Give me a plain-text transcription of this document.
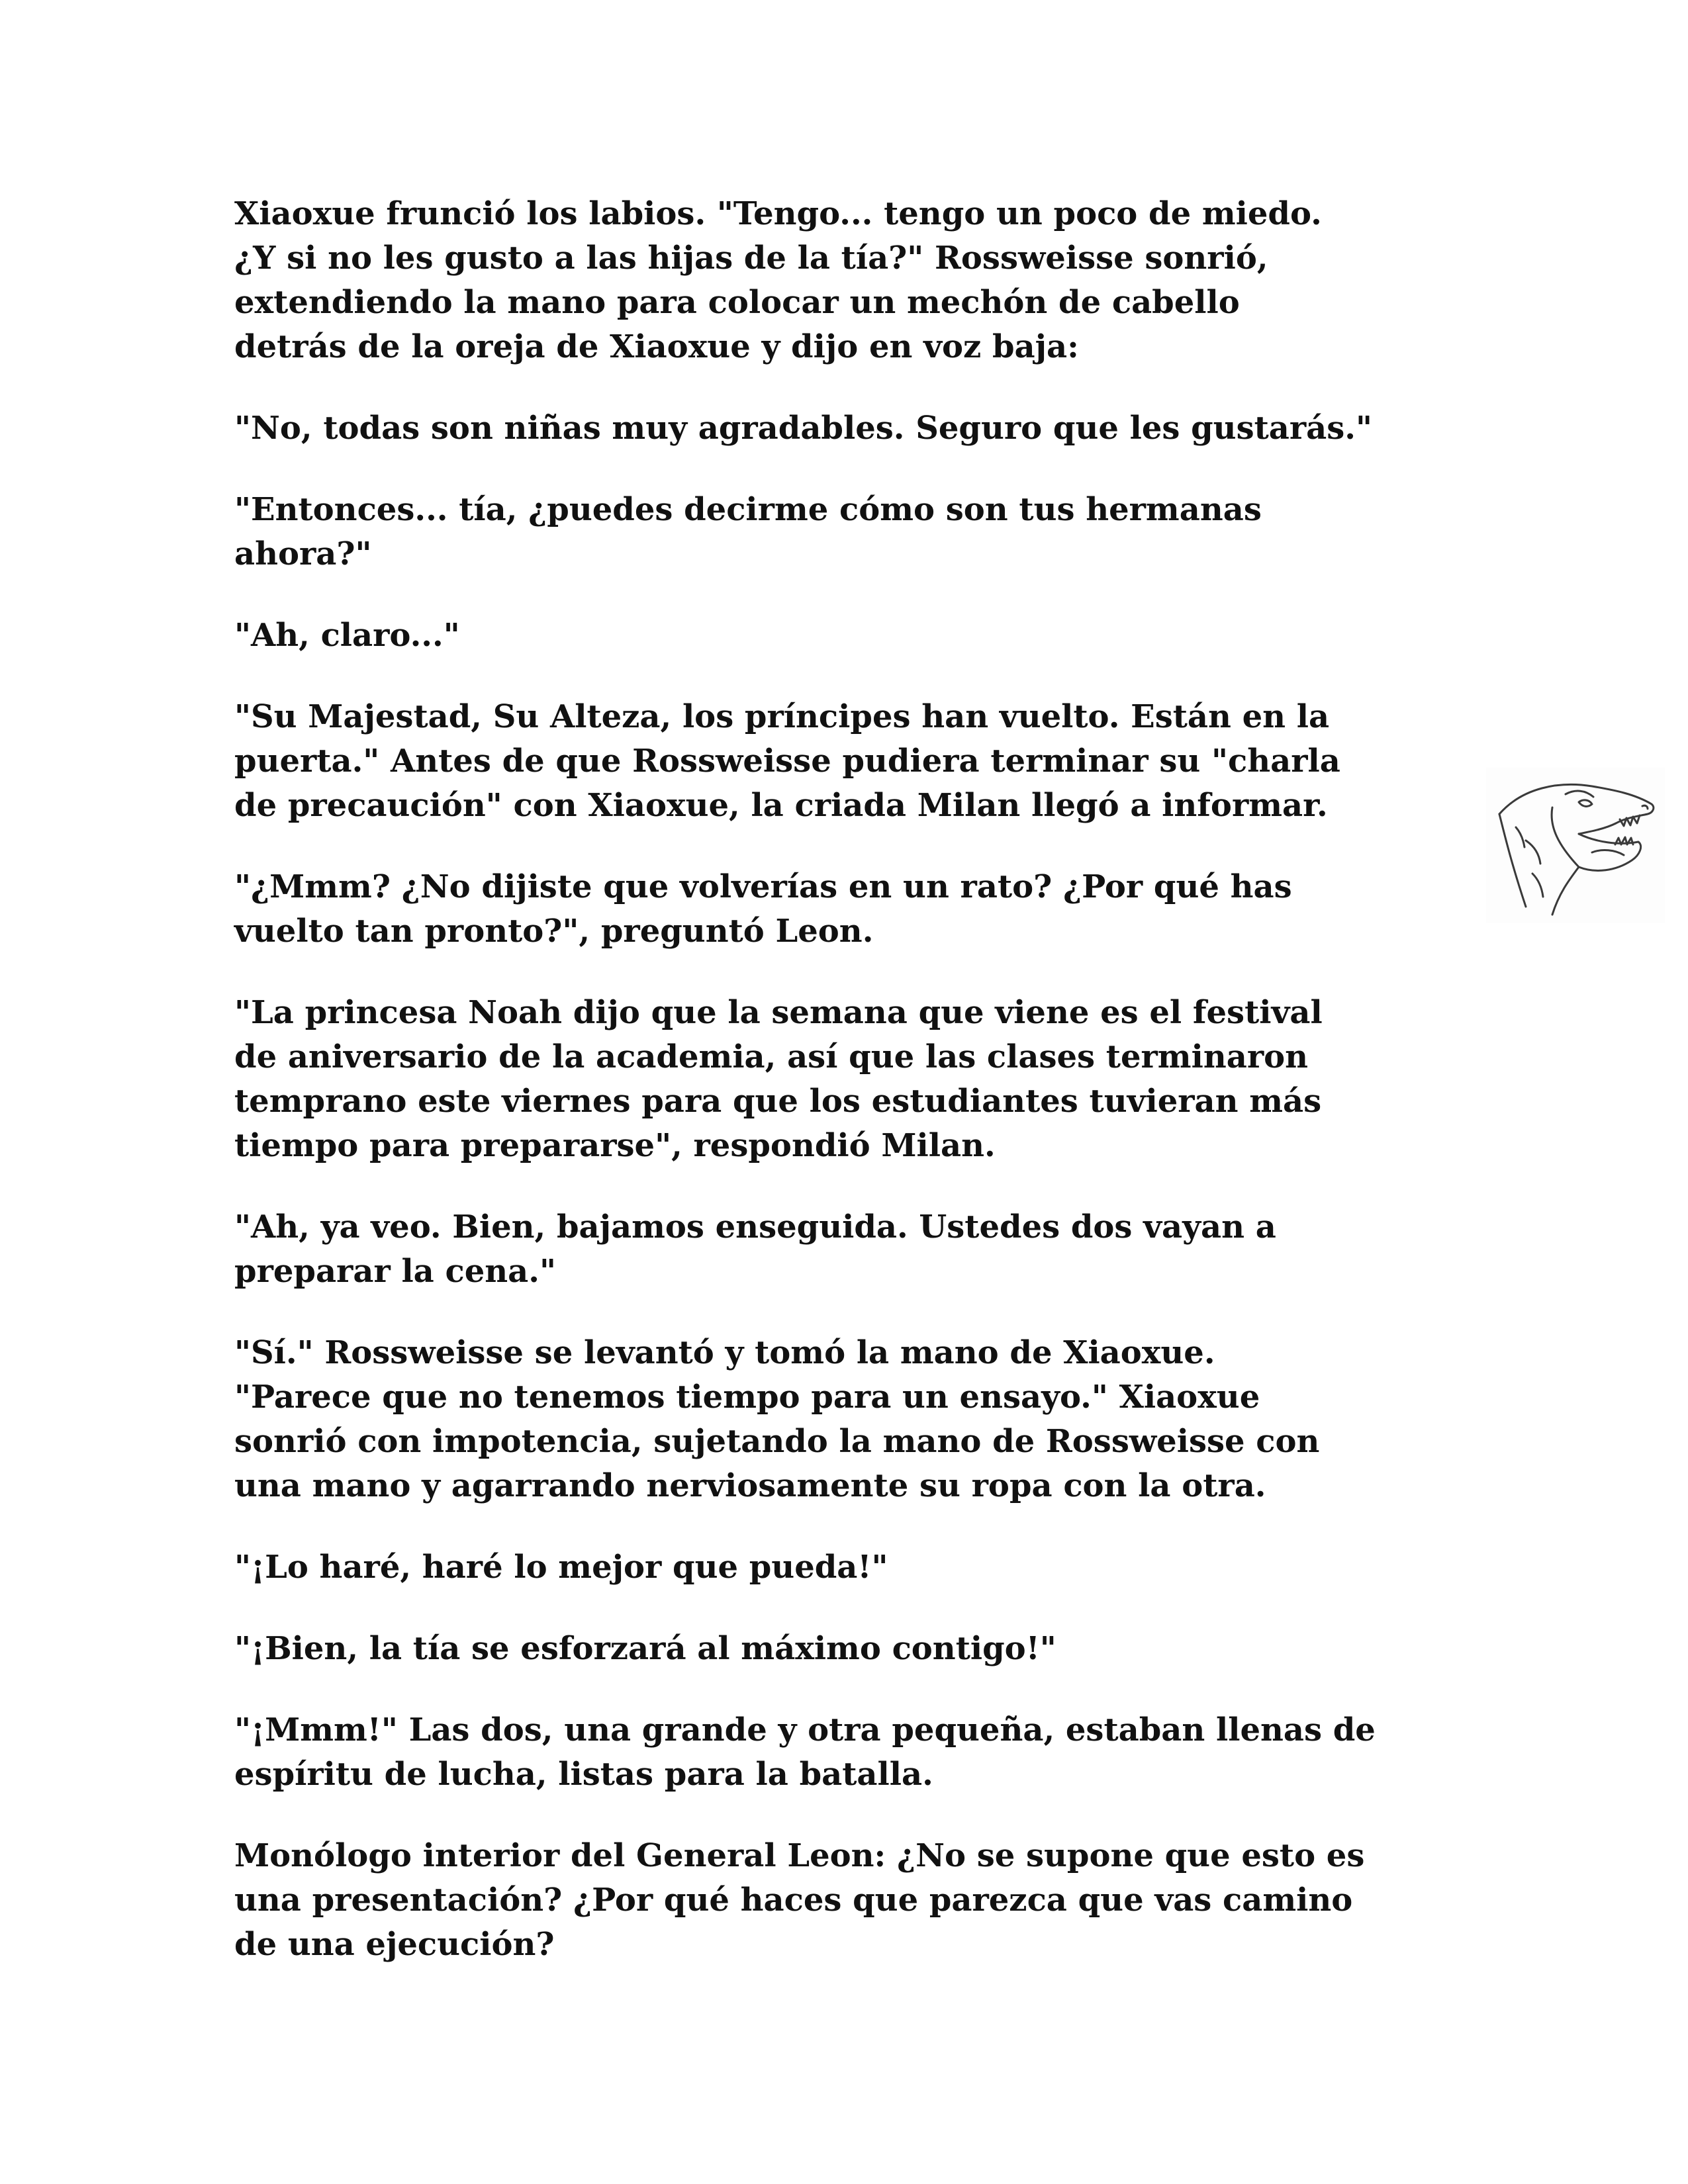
Xiaoxue frunció los labios. "Tengo... tengo un poco de miedo.
¿Y si no les gusto a las hijas de la tía?" Rossweisse sonrió,
extendiendo la mano para colocar un mechón de cabello
detrás de la oreja de Xiaoxue y dijo en voz baja:

"No, todas son niñas muy agradables. Seguro que les gustarás."

"Entonces... tía, ¿puedes decirme cómo son tus hermanas
ahora?"

"Ah, claro..."

"Su Majestad, Su Alteza, los príncipes han vuelto. Están en la
puerta." Antes de que Rossweisse pudiera terminar su "charla
de precaución" con Xiaoxue, la criada Milan llegó a informar.

"¿Mmm? ¿No dijiste que volverías en un rato? ¿Por qué has
vuelto tan pronto?", preguntó Leon.

"La princesa Noah dijo que la semana que viene es el festival
de aniversario de la academia, así que las clases terminaron
temprano este viernes para que los estudiantes tuvieran más
tiempo para prepararse", respondió Milan.

"Ah, ya veo. Bien, bajamos enseguida. Ustedes dos vayan a
preparar la cena."

"Sí." Rossweisse se levantó y tomó la mano de Xiaoxue.
"Parece que no tenemos tiempo para un ensayo." Xiaoxue
sonrió con impotencia, sujetando la mano de Rossweisse con
una mano y agarrando nerviosamente su ropa con la otra.

"¡Lo haré, haré lo mejor que pueda!"

"¡Bien, la tía se esforzará al máximo contigo!"

"¡Mmm!" Las dos, una grande y otra pequeña, estaban llenas de
espíritu de lucha, listas para la batalla.

Monólogo interior del General Leon: ¿No se supone que esto es
una presentación? ¿Por qué haces que parezca que vas camino
de una ejecución?
